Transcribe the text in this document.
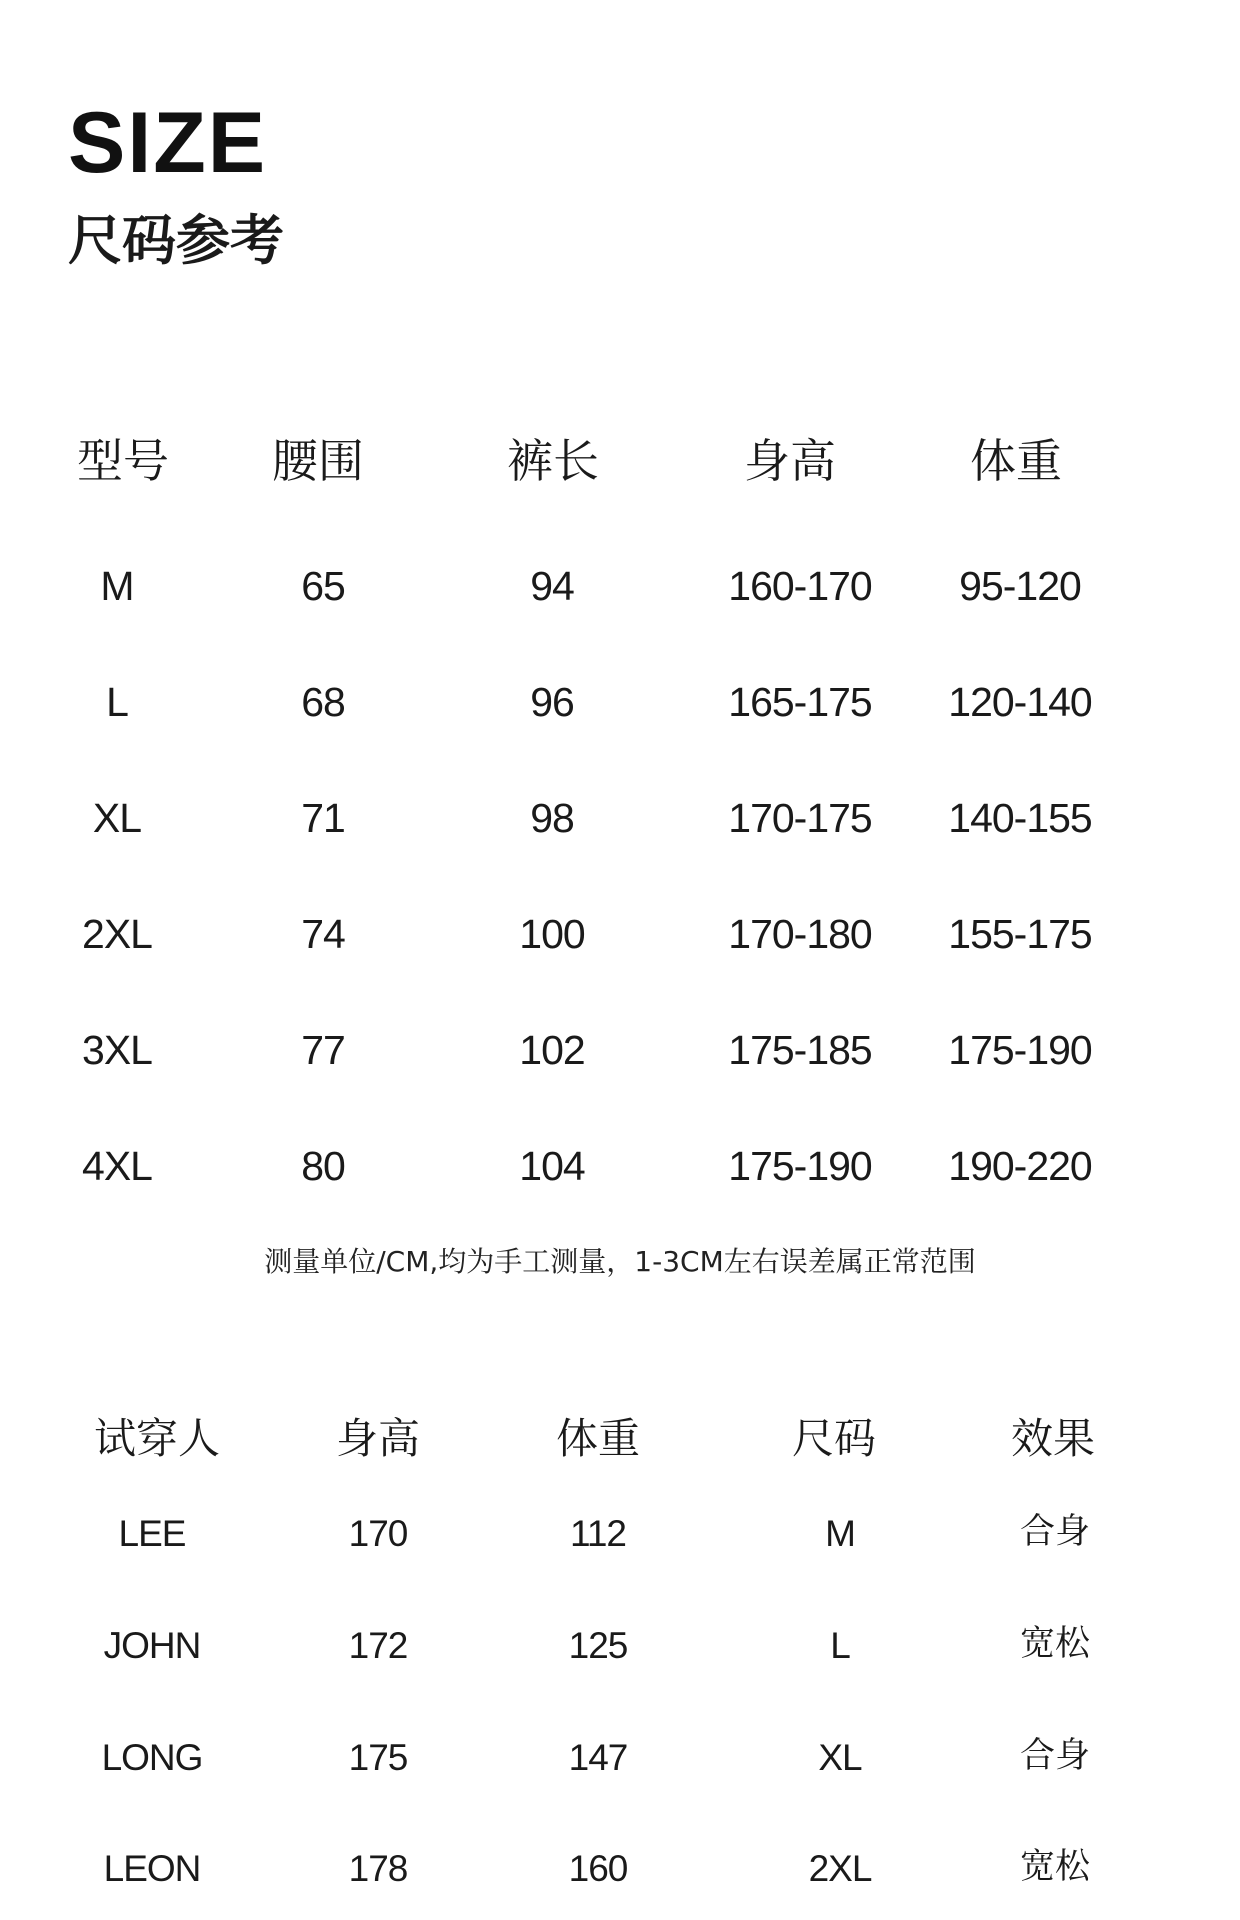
SIZE
尺码参考
型号 腰围	裤长	身高	体重
M	65	94	160-170 95-120
L	68	96	165-175 120-140
XL	71	98	170-175 140-155
2XL	74	100	170-180 155-175
3XL	77	102	175-185 175-190
4XL	80	104	175-190 190-220
测量单位/CM,均为手工测量，1-3CM左右误差属正常范围
试穿人	身高	体重	尺码	效果
LEE	170	112	M	合身
JOHN	172	125	L	宽松
LONG	175	147	XL	合身
LEON	178	160	2XL	宽松
